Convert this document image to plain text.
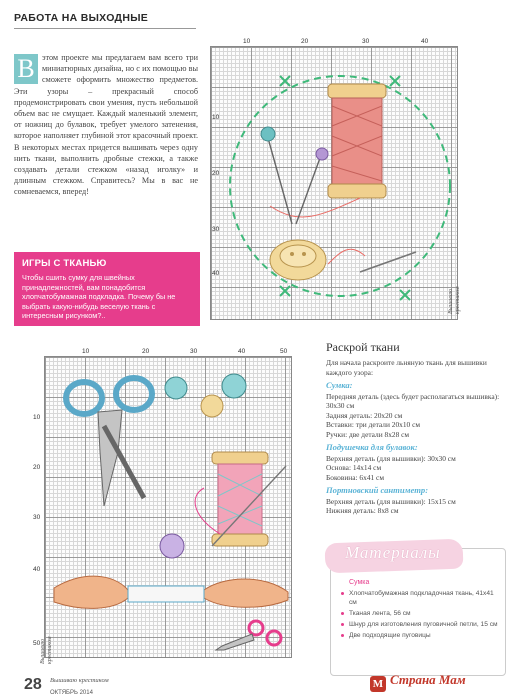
РАБОТА НА ВЫХОДНЫЕ
В этом проекте мы предлагаем вам всего три миниатюрных дизайна, но с их помощью вы сможете оформить множество предметов. Эти узоры – прекрасный способ продемонстрировать свои умения, пусть небольшой объем вас не смущает. Каждый маленький элемент, от ножниц до булавок, требует умелого затенения, которое наполняет глубиной этот красочный проект. В некоторых местах придется вышивать через одну нить ткани, выполнить дробные стежки, а также создавать детали стежком «назад иголку» и длинным стежком. Справитесь? Мы в вас не сомневаемся, вперед!
ИГРЫ С ТКАНЬЮ
Чтобы сшить сумку для швейных принадлежностей, вам понадобится хлопчатобумажная подкладка. Почему бы не выбрать какую-нибудь веселую ткань с интересным рисунком?..
10	20	30	40
10
20
30
40
Вышиваю крестиком
10	20	30	40	50
10
20
30
40
50 Вышиваю крестиком
Раскрой ткани
Для начала раскроите льняную ткань для вышивки каждого узора:
Сумка:
Передняя деталь (здесь будет располагаться вышивка): 30x30 см
Задняя деталь: 20x20 см
Вставки: три детали 20x10 см
Ручки: две детали 8x28 см
Подушечка для булавок:
Верхняя деталь (для вышивки): 30x30 см
Основа: 14x14 см
Боковина: 6x41 см
Портновский сантиметр:
Верхняя деталь (для вышивки): 15x15 см
Нижняя деталь: 8x8 см
Материалы
Сумка
Хлопчатобумажная подкладочная ткань, 41x41 см
Тканая лента, 56 см
Шнур для изготовления пуговичной петли, 15 см
Две подходящие пуговицы
28 Вышиваю крестиком
ОКТЯБРЬ 2014
M Страна Мам
